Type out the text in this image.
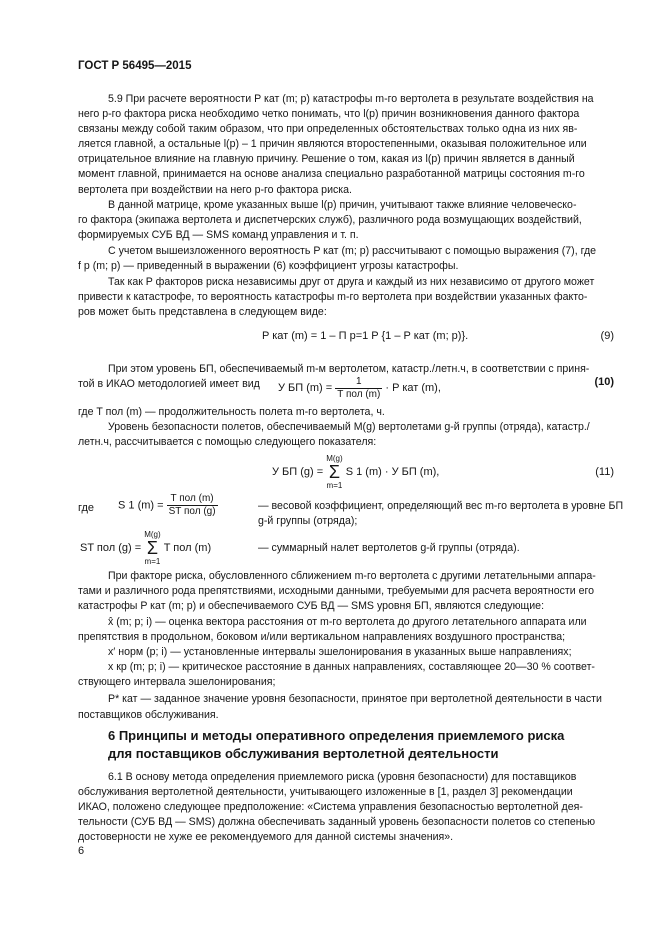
ГОСТ Р 56495—2015
5.9 При расчете вероятности P кат (m; p) катастрофы m-го вертолета в результате воздействия на
него p-го фактора риска необходимо четко понимать, что l(p) причин возникновения данного фактора
связаны между собой таким образом, что при определенных обстоятельствах только одна из них яв-
ляется главной, а остальные l(p) – 1 причин являются второстепенными, оказывая положительное или
отрицательное влияние на главную причину. Решение о том, какая из l(p) причин является в данный
момент главной, принимается на основе анализа специально разработанной матрицы состояния m-го
вертолета при воздействии на него p-го фактора риска.
В данной матрице, кроме указанных выше l(p) причин, учитывают также влияние человеческо-
го фактора (экипажа вертолета и диспетчерских служб), различного рода возмущающих воздействий,
формируемых СУБ ВД — SMS команд управления и т. п.
С учетом вышеизложенного вероятность P кат (m; p) рассчитывают с помощью выражения (7), где
f p (m; p) — приведенный в выражении (6) коэффициент угрозы катастрофы.
Так как P факторов риска независимы друг от друга и каждый из них независимо от другого может
привести к катастрофе, то вероятность катастрофы m-го вертолета при воздействии указанных факто-
ров может быть представлена в следующем виде:
P кат (m) = 1 – Π p=1 P {1 – P кат (m; p)}.	(9)
При этом уровень БП, обеспечиваемый m-м вертолетом, катастр./летн.ч, в соответствии с приня-
той в ИКАО методологией имеет вид	У БП $(m) = \frac{1}{\text{T пол (m)}} \cdot P$ кат (m),
(10)
где T пол (m) — продолжительность полета m-го вертолета, ч.
Уровень безопасности полетов, обеспечиваемый M(g) вертолетами g-й группы (отряда), катастр./
летн.ч, рассчитывается с помощью следующего показателя:
У БП (g) = M(g)
Σ
m=1 S 1 (m) · У БП (m),	(11)
где S 1 $(m) = \frac{\text{T пол (m)}}{\text{ST пол (g)}}$	— весовой коэффициент, определяющий вес m-го вертолета в уровне БП
g-й группы (отряда);
ST пол (g) = M(g)
Σ
m=1 T пол (m)	— суммарный налет вертолетов g-й группы (отряда).
При факторе риска, обусловленного сближением m-го вертолета с другими летательными аппара-
тами и различного рода препятствиями, исходными данными, требуемыми для расчета вероятности его
катастрофы P кат (m; p) и обеспечиваемого СУБ ВД — SMS уровня БП, являются следующие:
x̂ (m; p; i) — оценка вектора расстояния от m-го вертолета до другого летательного аппарата или
препятствия в продольном, боковом и/или вертикальном направлениях воздушного пространства;
x′ норм (p; i) — установленные интервалы эшелонирования в указанных выше направлениях;
x кр (m; p; i) — критическое расстояние в данных направлениях, составляющее 20—30 % соответ-
ствующего интервала эшелонирования;
P* кат — заданное значение уровня безопасности, принятое при вертолетной деятельности в части
поставщиков обслуживания.
6 Принципы и методы оперативного определения приемлемого риска
для поставщиков обслуживания вертолетной деятельности
6.1 В основу метода определения приемлемого риска (уровня безопасности) для поставщиков
обслуживания вертолетной деятельности, учитывающего изложенные в [1, раздел 3] рекомендации
ИКАО, положено следующее предположение: «Система управления безопасностью вертолетной дея-
тельности (СУБ ВД — SMS) должна обеспечивать заданный уровень безопасности полетов со степенью
достоверности не хуже ее рекомендуемого для данной системы значения».
6
